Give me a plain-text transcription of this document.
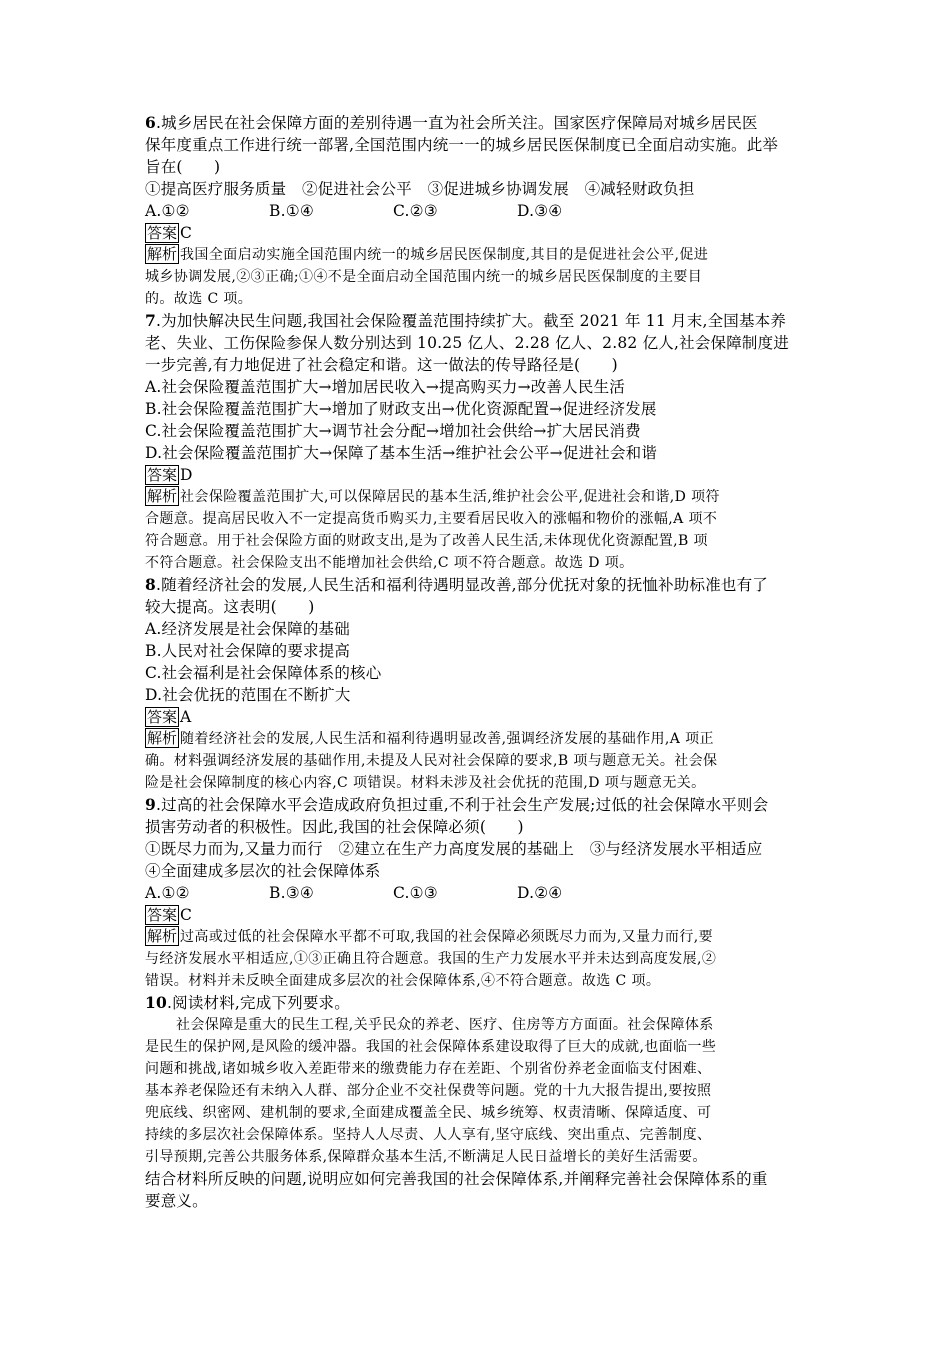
6.城乡居民在社会保障方面的差别待遇一直为社会所关注。国家医疗保障局对城乡居民医
保年度重点工作进行统一部署,全国范围内统一一的城乡居民医保制度已全面启动实施。此举
旨在(　　)
①提高医疗服务质量　②促进社会公平　③促进城乡协调发展　④减轻财政负担
A.①②	B.①④	C.②③	D.③④
答案 C
解析 我国全面启动实施全国范围内统一的城乡居民医保制度,其目的是促进社会公平,促进
城乡协调发展,②③正确;①④不是全面启动全国范围内统一的城乡居民医保制度的主要目
的。故选 C 项。
7.为加快解决民生问题,我国社会保险覆盖范围持续扩大。截至 2021 年 11 月末,全国基本养
老、失业、工伤保险参保人数分别达到 10.25 亿人、2.28 亿人、2.82 亿人,社会保障制度进
一步完善,有力地促进了社会稳定和谐。这一做法的传导路径是(　　)
A.社会保险覆盖范围扩大→增加居民收入→提高购买力→改善人民生活
B.社会保险覆盖范围扩大→增加了财政支出→优化资源配置→促进经济发展
C.社会保险覆盖范围扩大→调节社会分配→增加社会供给→扩大居民消费
D.社会保险覆盖范围扩大→保障了基本生活→维护社会公平→促进社会和谐
答案 D
解析 社会保险覆盖范围扩大,可以保障居民的基本生活,维护社会公平,促进社会和谐,D 项符
合题意。提高居民收入不一定提高货币购买力,主要看居民收入的涨幅和物价的涨幅,A 项不
符合题意。用于社会保险方面的财政支出,是为了改善人民生活,未体现优化资源配置,B 项
不符合题意。社会保险支出不能增加社会供给,C 项不符合题意。故选 D 项。
8.随着经济社会的发展,人民生活和福利待遇明显改善,部分优抚对象的抚恤补助标准也有了
较大提高。这表明(　　)
A.经济发展是社会保障的基础
B.人民对社会保障的要求提高
C.社会福利是社会保障体系的核心
D.社会优抚的范围在不断扩大
答案 A
解析 随着经济社会的发展,人民生活和福利待遇明显改善,强调经济发展的基础作用,A 项正
确。材料强调经济发展的基础作用,未提及人民对社会保障的要求,B 项与题意无关。社会保
险是社会保障制度的核心内容,C 项错误。材料未涉及社会优抚的范围,D 项与题意无关。
9.过高的社会保障水平会造成政府负担过重,不利于社会生产发展;过低的社会保障水平则会
损害劳动者的积极性。因此,我国的社会保障必须(　　)
①既尽力而为,又量力而行　②建立在生产力高度发展的基础上　③与经济发展水平相适应
④全面建成多层次的社会保障体系
A.①②	B.③④	C.①③	D.②④
答案 C
解析 过高或过低的社会保障水平都不可取,我国的社会保障必须既尽力而为,又量力而行,要
与经济发展水平相适应,①③正确且符合题意。我国的生产力发展水平并未达到高度发展,②
错误。材料并未反映全面建成多层次的社会保障体系,④不符合题意。故选 C 项。
10.阅读材料,完成下列要求。
社会保障是重大的民生工程,关乎民众的养老、医疗、住房等方方面面。社会保障体系
是民生的保护网,是风险的缓冲器。我国的社会保障体系建设取得了巨大的成就,也面临一些
问题和挑战,诸如城乡收入差距带来的缴费能力存在差距、个别省份养老金面临支付困难、
基本养老保险还有未纳入人群、部分企业不交社保费等问题。党的十九大报告提出,要按照
兜底线、织密网、建机制的要求,全面建成覆盖全民、城乡统筹、权责清晰、保障适度、可
持续的多层次社会保障体系。坚持人人尽责、人人享有,坚守底线、突出重点、完善制度、
引导预期,完善公共服务体系,保障群众基本生活,不断满足人民日益增长的美好生活需要。
结合材料所反映的问题,说明应如何完善我国的社会保障体系,并阐释完善社会保障体系的重
要意义。
